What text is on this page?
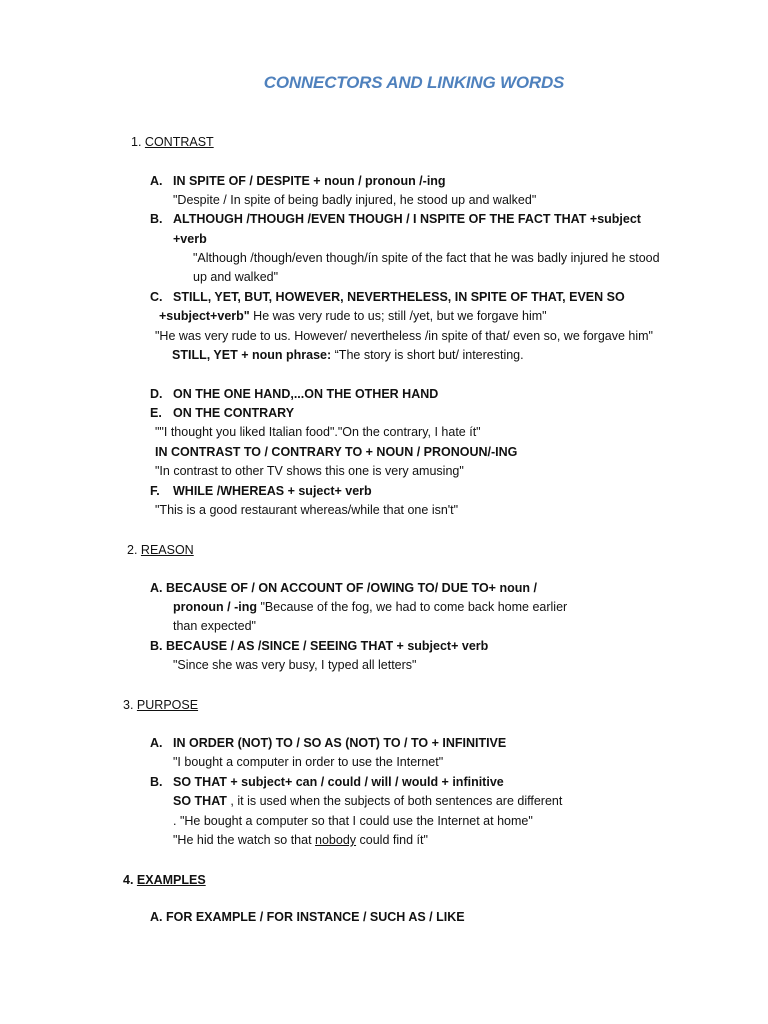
CONNECTORS AND LINKING WORDS
1. CONTRAST
A. IN SPITE OF / DESPITE + noun / pronoun /-ing
"Despite / In spite of being badly injured, he stood up and walked"
B. ALTHOUGH /THOUGH /EVEN THOUGH / I NSPITE OF THE FACT THAT +subject
+verb
"Although /though/even though/ín spite of the fact that he was badly injured he stood
up and walked"
C. STILL, YET, BUT, HOWEVER, NEVERTHELESS, IN SPITE OF THAT, EVEN SO
+subject+verb" He was very rude to us; still /yet, but we forgave him"
"He was very rude to us. However/ nevertheless /in spite of that/ even so, we forgave him"
STILL, YET + noun phrase: “The story is short but/ interesting.
D. ON THE ONE HAND,...ON THE OTHER HAND
E. ON THE CONTRARY
""I thought you liked Italian food"."On the contrary, I hate ít"
IN CONTRAST TO / CONTRARY TO + NOUN / PRONOUN/-ING
"In contrast to other TV shows this one is very amusing"
F. WHILE /WHEREAS + suject+ verb
"This is a good restaurant whereas/while that one isn't"
2. REASON
A. BECAUSE OF / ON ACCOUNT OF /OWING TO/ DUE TO+ noun /
pronoun / -ing "Because of the fog, we had to come back home earlier
than expected"
B. BECAUSE / AS /SINCE / SEEING THAT + subject+ verb
"Since she was very busy, I typed all letters"
3. PURPOSE
A. IN ORDER (NOT) TO / SO AS (NOT) TO / TO + INFINITIVE
"I bought a computer in order to use the Internet"
B. SO THAT + subject+ can / could / will / would + infinitive
SO THAT , it is used when the subjects of both sentences are different
. "He bought a computer so that I could use the Internet at home"
"He hid the watch so that nobody could find ít"
4. EXAMPLES
A. FOR EXAMPLE / FOR INSTANCE / SUCH AS / LIKE
